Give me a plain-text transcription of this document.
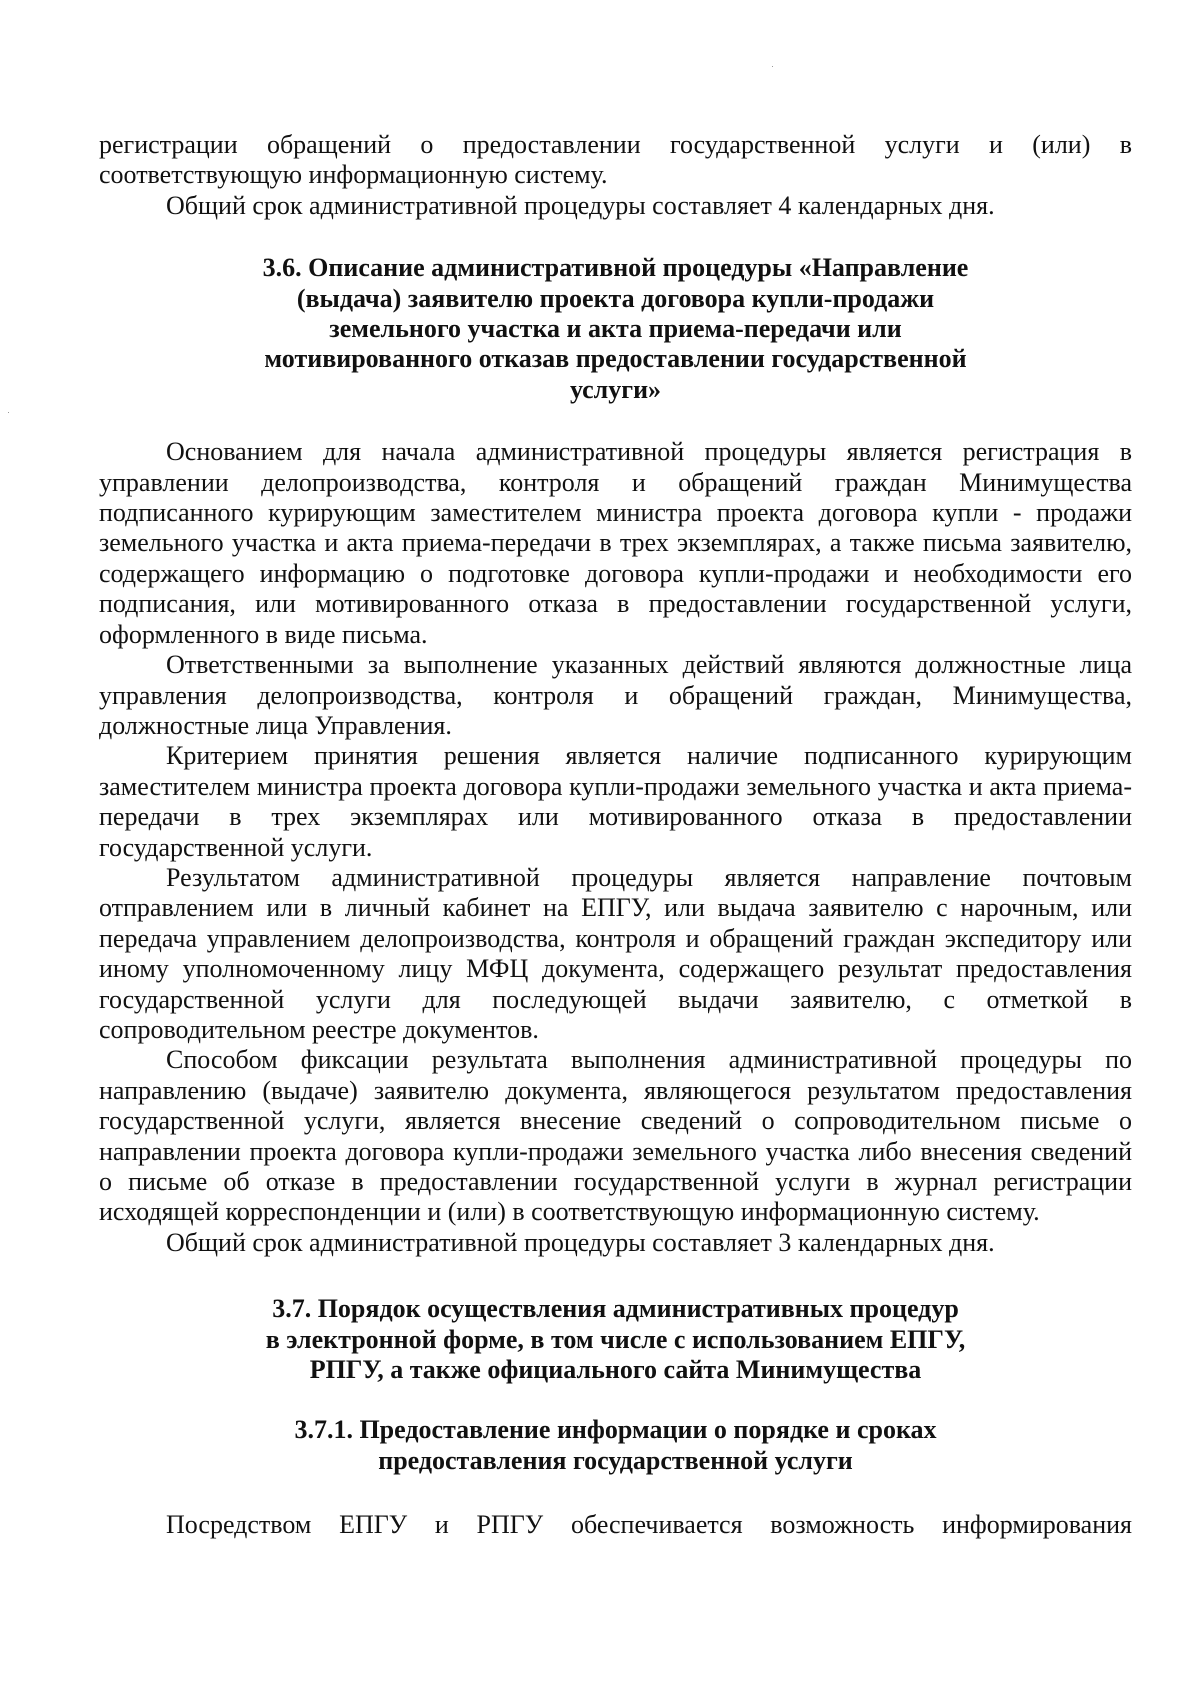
регистрации обращений о предоставлении государственной услуги и (или) в соответствующую информационную систему.

Общий срок административной процедуры составляет 4 календарных дня.

3.6. Описание административной процедуры «Направление
(выдача) заявителю проекта договора купли-продажи
земельного участка и акта приема-передачи или
мотивированного отказав предоставлении государственной
услуги»

Основанием для начала административной процедуры является регистрация в управлении делопроизводства, контроля и обращений граждан Минимущества подписанного курирующим заместителем министра проекта договора купли - продажи земельного участка и акта приема-передачи в трех экземплярах, а также письма заявителю, содержащего информацию о подготовке договора купли-продажи и необходимости его подписания, или мотивированного отказа в предоставлении государственной услуги, оформленного в виде письма.

Ответственными за выполнение указанных действий являются должностные лица управления делопроизводства, контроля и обращений граждан, Минимущества, должностные лица Управления.

Критерием принятия решения является наличие подписанного курирующим заместителем министра проекта договора купли-продажи земельного участка и акта приема-передачи в трех экземплярах или мотивированного отказа в предоставлении государственной услуги.

Результатом административной процедуры является направление почтовым отправлением или в личный кабинет на ЕПГУ, или выдача заявителю с нарочным, или передача управлением делопроизводства, контроля и обращений граждан экспедитору или иному уполномоченному лицу МФЦ документа, содержащего результат предоставления государственной услуги для последующей выдачи заявителю, с отметкой в сопроводительном реестре документов.

Способом фиксации результата выполнения административной процедуры по направлению (выдаче) заявителю документа, являющегося результатом предоставления государственной услуги, является внесение сведений о сопроводительном письме о направлении проекта договора купли-продажи земельного участка либо внесения сведений о письме об отказе в предоставлении государственной услуги в журнал регистрации исходящей корреспонденции и (или) в соответствующую информационную систему.

Общий срок административной процедуры составляет 3 календарных дня.

3.7. Порядок осуществления административных процедур
в электронной форме, в том числе с использованием ЕПГУ,
РПГУ, а также официального сайта Минимущества
3.7.1. Предоставление информации о порядке и сроках
предоставления государственной услуги

Посредством ЕПГУ и РПГУ обеспечивается возможность информирования
